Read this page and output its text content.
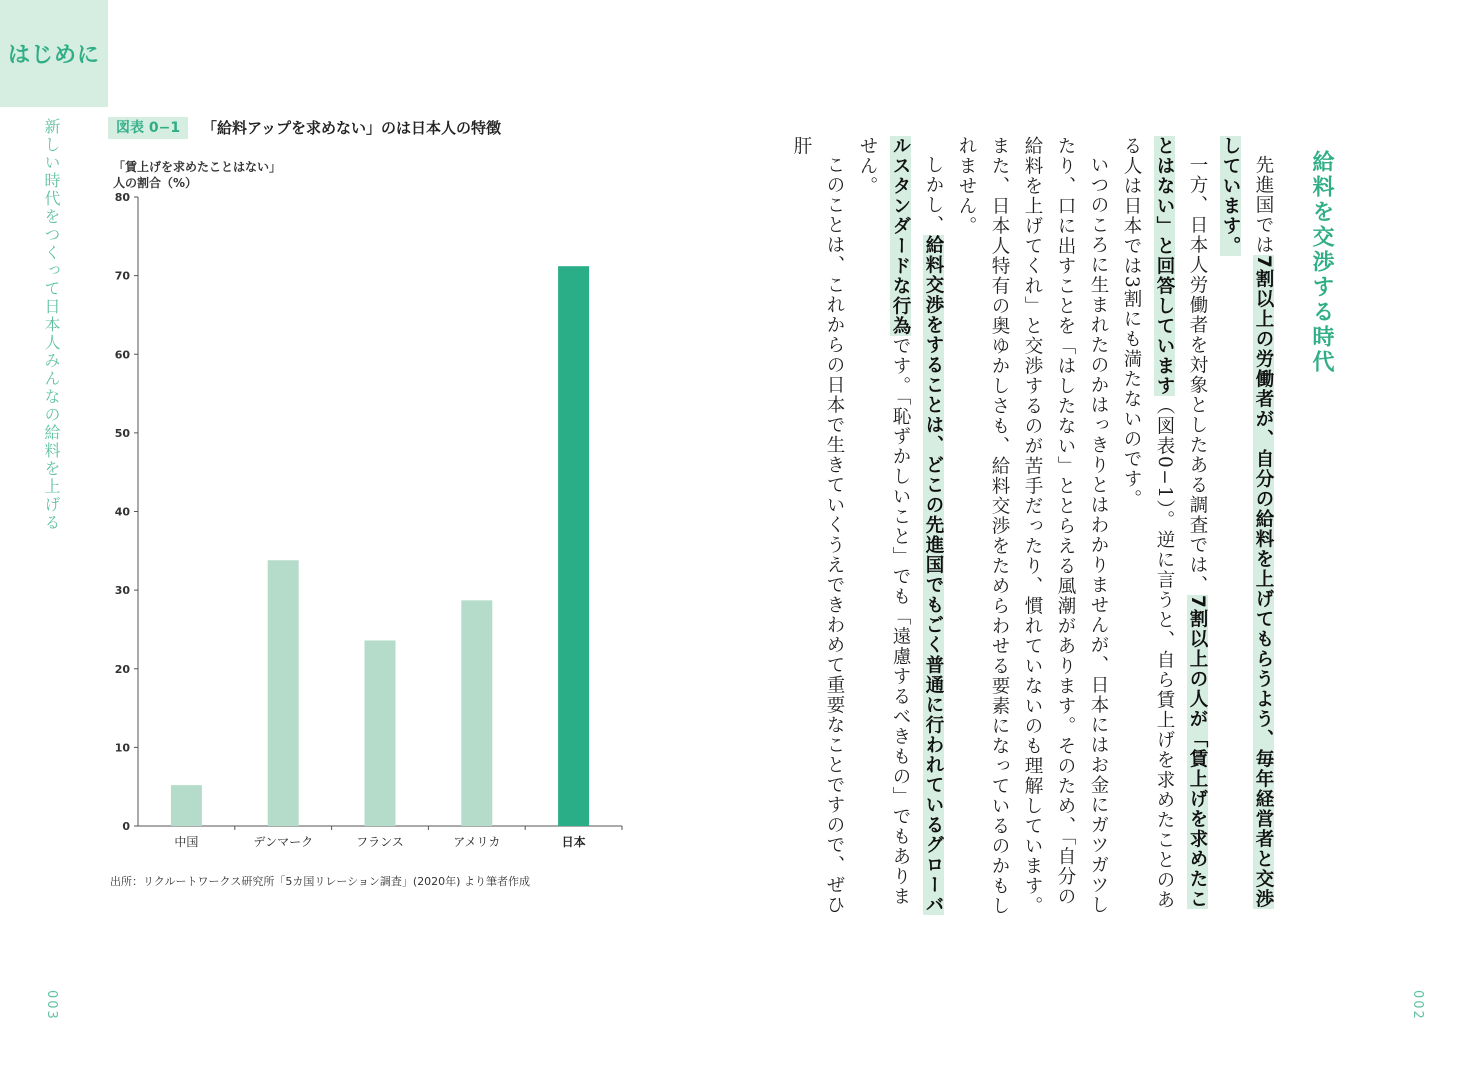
はじめに
新しい時代をつくって日本人みんなの給料を上げる
003
図表 0−1	「給料アップを求めない」のは日本人の特徴
「賃上げを求めたことはない」
人の割合（%）
0
10
20
30
40
50
60
70
80
中国	デンマーク	フランス	アメリカ	日本
出所：リクルートワークス研究所「5カ国リレーション調査」(2020年) より筆者作成
給料を交渉する時代

先進国では7割以上の労働者が、自分の給料を上げてもらうよう、毎年経営者と交渉しています。

一方、日本人労働者を対象としたある調査では、7割以上の人が「賃上げを求めたことはない」と回答しています（図表0−1）。逆に言うと、自ら賃上げを求めたことのある人は日本では3割にも満たないのです。

いつのころに生まれたのかはっきりとはわかりませんが、日本にはお金にガツガツしたり、口に出すことを「はしたない」ととらえる風潮があります。そのため、「自分の給料を上げてくれ」と交渉するのが苦手だったり、慣れていないのも理解しています。また、日本人特有の奥ゆかしさも、給料交渉をためらわせる要素になっているのかもしれません。

しかし、給料交渉をすることは、どこの先進国でもごく普通に行われているグローバルスタンダードな行為です。「恥ずかしいこと」でも「遠慮するべきもの」でもありません。

このことは、これからの日本で生きていくうえできわめて重要なことですので、ぜひ肝

002
